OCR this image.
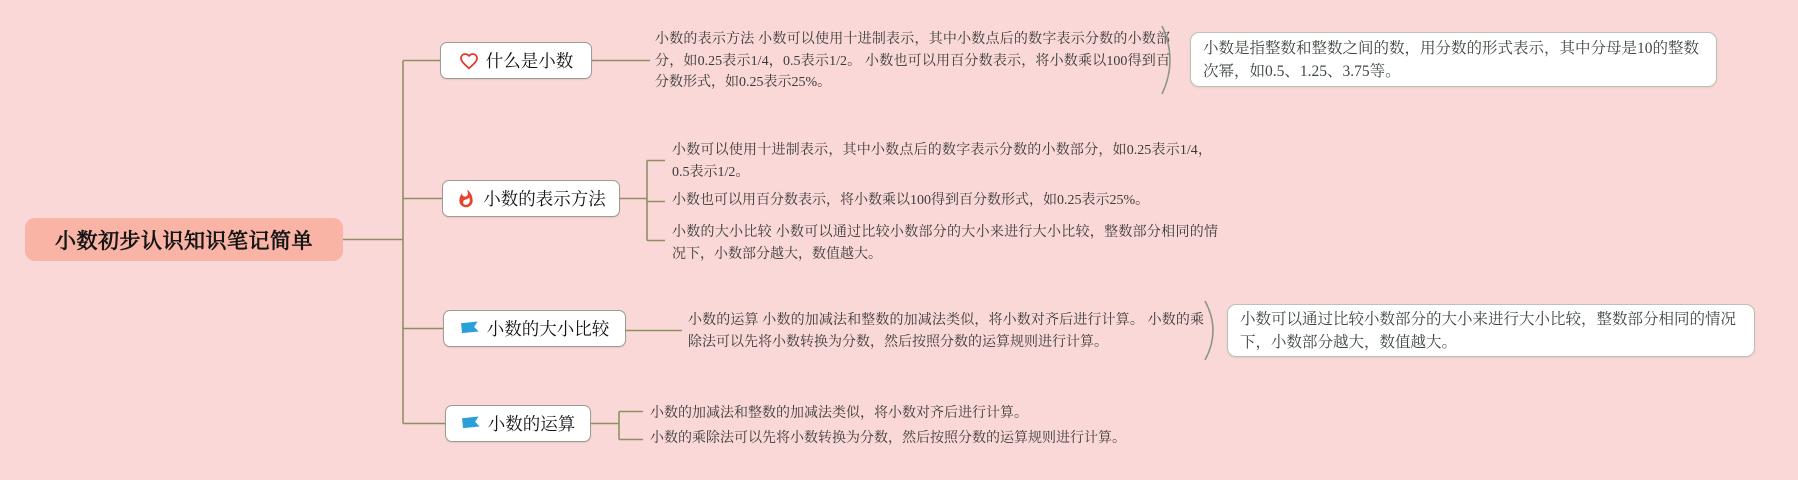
小数初步认识知识笔记简单
什么是小数
小数的表示方法 小数可以使用十进制表示，其中小数点后的数字表示分数的小数部分，如0.25表示1/4，0.5表示1/2。 小数也可以用百分数表示，将小数乘以100得到百分数形式，如0.25表示25%。
小数是指整数和整数之间的数，用分数的形式表示，其中分母是10的整数次幂，如0.5、1.25、3.75等。
小数的表示方法
小数可以使用十进制表示，其中小数点后的数字表示分数的小数部分，如0.25表示1/4，0.5表示1/2。
小数也可以用百分数表示，将小数乘以100得到百分数形式，如0.25表示25%。
小数的大小比较 小数可以通过比较小数部分的大小来进行大小比较，整数部分相同的情况下，小数部分越大，数值越大。
小数的大小比较	小数的运算 小数的加减法和整数的加减法类似，将小数对齐后进行计算。 小数的乘除法可以先将小数转换为分数，然后按照分数的运算规则进行计算。
小数可以通过比较小数部分的大小来进行大小比较，整数部分相同的情况下，小数部分越大，数值越大。
小数的运算
小数的加减法和整数的加减法类似，将小数对齐后进行计算。
小数的乘除法可以先将小数转换为分数，然后按照分数的运算规则进行计算。
